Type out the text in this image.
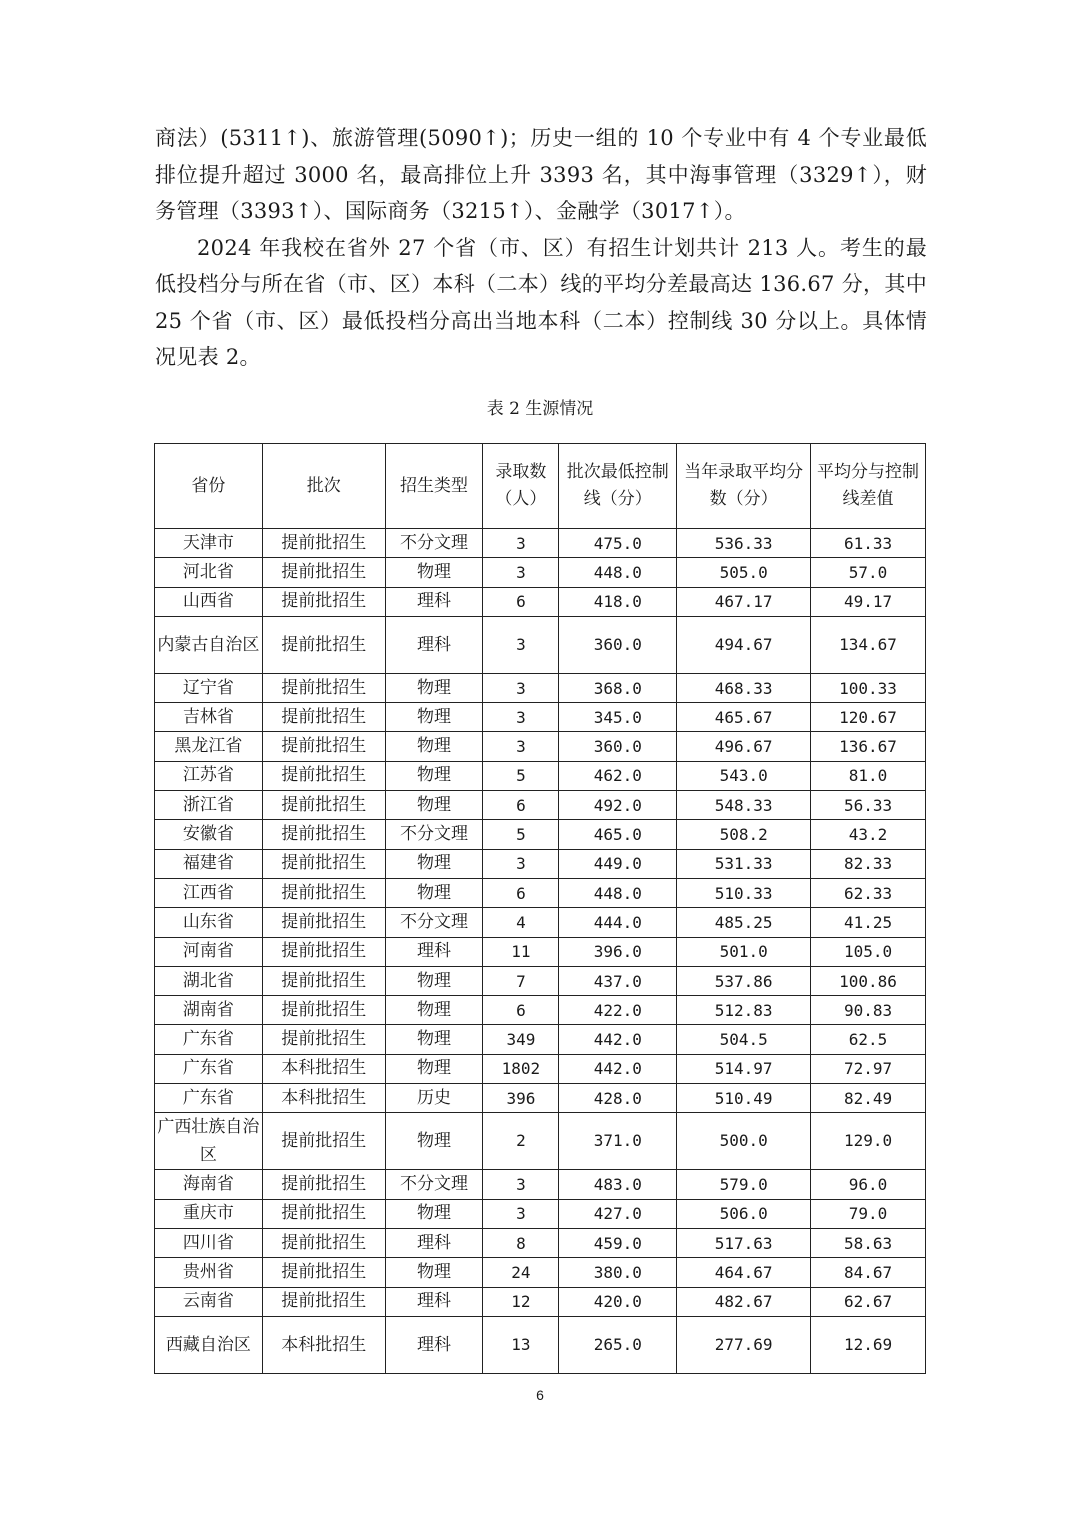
商法）(5311↑)、旅游管理(5090↑)；历史一组的 10 个专业中有 4 个专业最低排位提升超过 3000 名，最高排位上升 3393 名，其中海事管理（3329↑），财务管理（3393↑）、国际商务（3215↑）、金融学（3017↑）。

2024 年我校在省外 27 个省（市、区）有招生计划共计 213 人。考生的最低投档分与所在省（市、区）本科（二本）线的平均分差最高达 136.67 分，其中 25 个省（市、区）最低投档分高出当地本科（二本）控制线 30 分以上。具体情况见表 2。

表 2 生源情况
省份	批次	招生类型	录取数（人）	批次最低控制线（分）	当年录取平均分数（分）	平均分与控制线差值
天津市	提前批招生	不分文理	3	475.0	536.33	61.33
河北省	提前批招生	物理	3	448.0	505.0	57.0
山西省	提前批招生	理科	6	418.0	467.17	49.17
内蒙古自治区	提前批招生	理科	3	360.0	494.67	134.67
辽宁省	提前批招生	物理	3	368.0	468.33	100.33
吉林省	提前批招生	物理	3	345.0	465.67	120.67
黑龙江省	提前批招生	物理	3	360.0	496.67	136.67
江苏省	提前批招生	物理	5	462.0	543.0	81.0
浙江省	提前批招生	物理	6	492.0	548.33	56.33
安徽省	提前批招生	不分文理	5	465.0	508.2	43.2
福建省	提前批招生	物理	3	449.0	531.33	82.33
江西省	提前批招生	物理	6	448.0	510.33	62.33
山东省	提前批招生	不分文理	4	444.0	485.25	41.25
河南省	提前批招生	理科	11	396.0	501.0	105.0
湖北省	提前批招生	物理	7	437.0	537.86	100.86
湖南省	提前批招生	物理	6	422.0	512.83	90.83
广东省	提前批招生	物理	349	442.0	504.5	62.5
广东省	本科批招生	物理	1802	442.0	514.97	72.97
广东省	本科批招生	历史	396	428.0	510.49	82.49
广西壮族自治区	提前批招生	物理	2	371.0	500.0	129.0
海南省	提前批招生	不分文理	3	483.0	579.0	96.0
重庆市	提前批招生	物理	3	427.0	506.0	79.0
四川省	提前批招生	理科	8	459.0	517.63	58.63
贵州省	提前批招生	物理	24	380.0	464.67	84.67
云南省	提前批招生	理科	12	420.0	482.67	62.67
西藏自治区	本科批招生	理科	13	265.0	277.69	12.69
6
